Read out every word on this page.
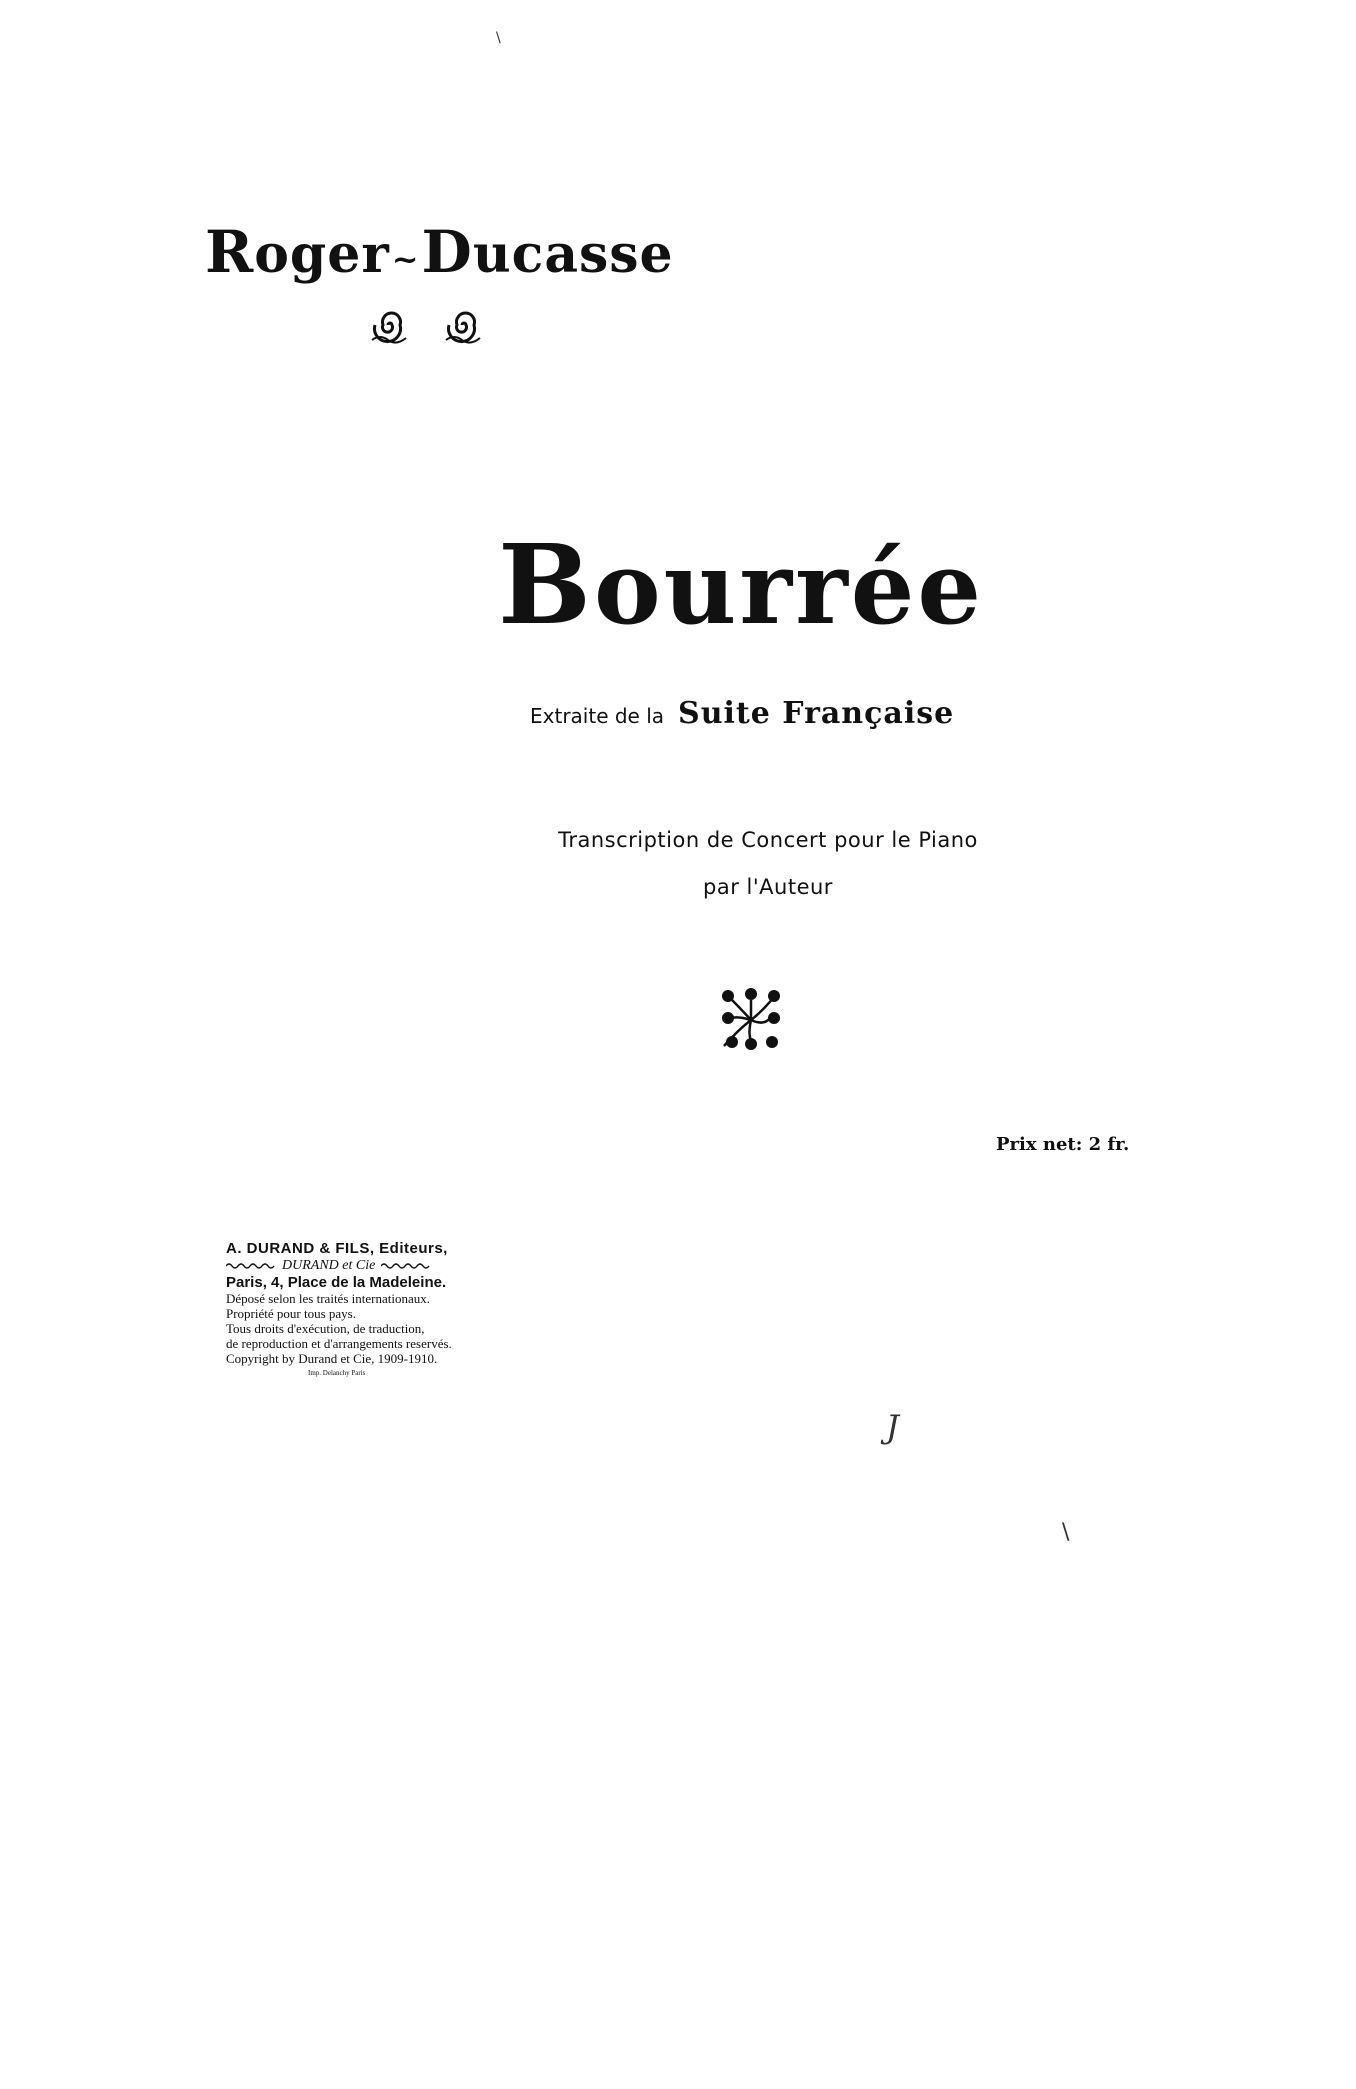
Roger~Ducasse
Bourrée
Extraite de la Suite Française
Transcription de Concert pour le Piano
par l'Auteur
Prix net: 2 fr.
A. DURAND & FILS, Editeurs,
DURAND et Cie
Paris, 4, Place de la Madeleine.
Déposé selon les traités internationaux.
Propriété pour tous pays.
Tous droits d'exécution, de traduction,
de reproduction et d'arrangements reservés.
Copyright by Durand et Cie, 1909-1910.
Imp. Delanchy Paris
\
J
\
